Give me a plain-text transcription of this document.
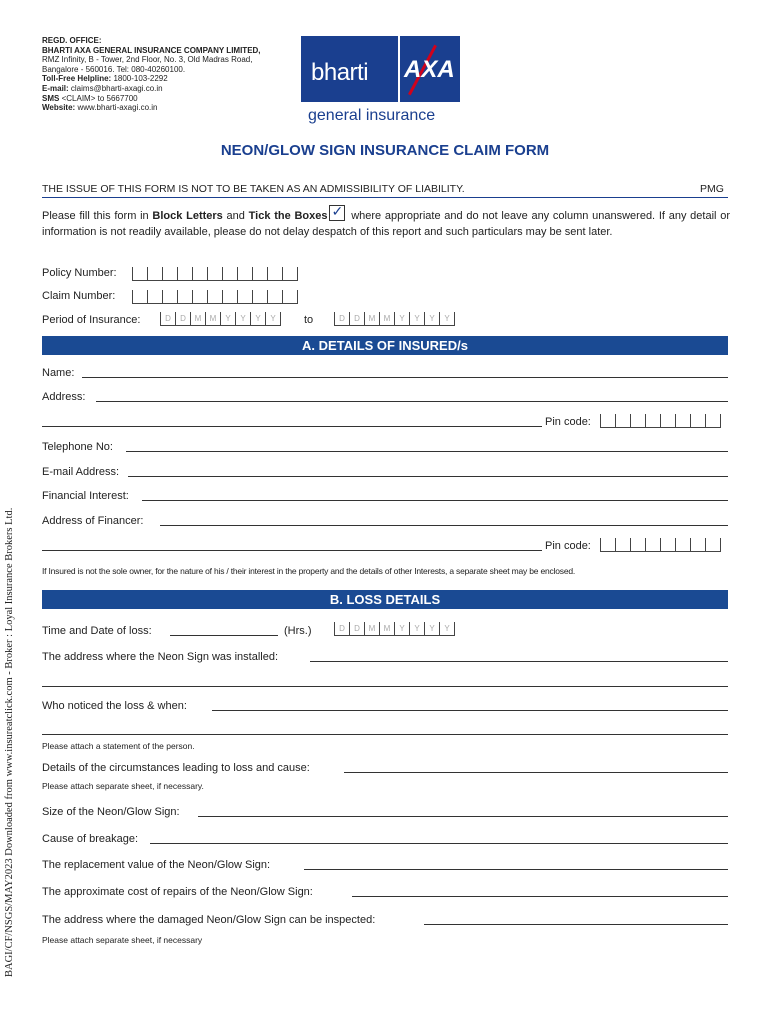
REGD. OFFICE:
BHARTI AXA GENERAL INSURANCE COMPANY LIMITED,
RMZ Infinity, B - Tower, 2nd Floor, No. 3, Old Madras Road,
Bangalore - 560016. Tel: 080-40260100.
Toll-Free Helpline: 1800-103-2292
E-mail: claims@bharti-axagi.co.in
SMS <CLAIM> to 5667700
Website: www.bharti-axagi.co.in
bharti AXA
general insurance
NEON/GLOW SIGN INSURANCE CLAIM FORM
THE ISSUE OF THIS FORM IS NOT TO BE TAKEN AS AN ADMISSIBILITY OF LIABILITY.	PMG
Please fill this form in Block Letters and Tick the Boxes✓ where appropriate and do not leave any column unanswered. If any detail or information is not readily available, please do not delay despatch of this report and such particulars may be sent later.
Policy Number:
Claim Number:
Period of Insurance:	D	D	M	M	Y	Y	Y	Y	to	D	D	M	M	Y	Y	Y	Y
A. DETAILS OF INSURED/s
Name:
Address:
Pin code:
Telephone No:
E-mail Address:
Financial Interest:
Address of Financer:
Pin code:
If Insured is not the sole owner, for the nature of his / their interest in the property and the details of other Interests, a separate sheet may be enclosed.
B. LOSS DETAILS
Time and Date of loss:	(Hrs.)	D	D	M	M	Y	Y	Y	Y
The address where the Neon Sign was installed:
Who noticed the loss & when:
Please attach a statement of the person.
Details of the circumstances leading to loss and cause:
Please attach separate sheet, if necessary.
Size of the Neon/Glow Sign:
Cause of breakage:
The replacement value of the Neon/Glow Sign:
The approximate cost of repairs of the Neon/Glow Sign:
The address where the damaged Neon/Glow Sign can be inspected:
Please attach separate sheet, if necessary
BAGI/CF/NSGS/MAY2023 Downloaded from www.insureatclick.com - Broker : Loyal Insurance Brokers Ltd.
